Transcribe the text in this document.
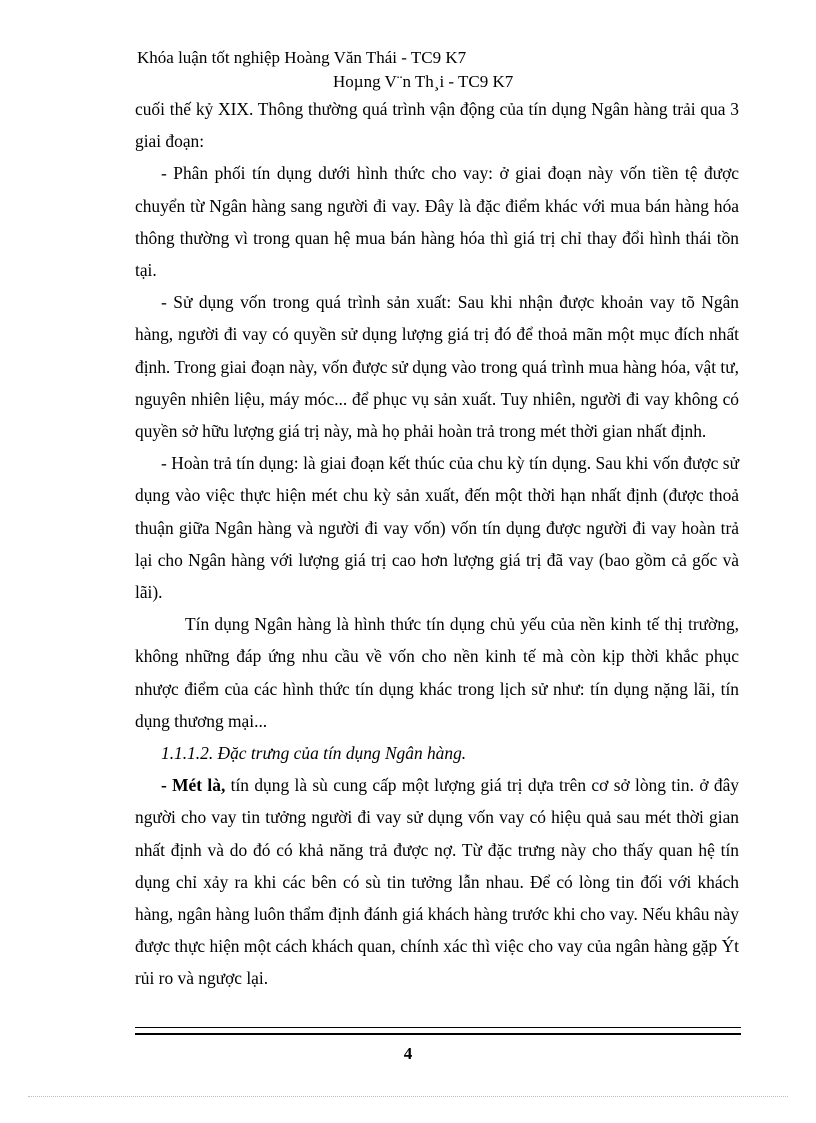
Khóa luận tốt nghiệp Hoàng Văn Thái - TC9 K7
Hoµng V¨n Th¸i - TC9 K7

cuối thế kỷ XIX. Thông thường quá trình vận động của tín dụng Ngân hàng trải qua 3 giai đoạn:

- Phân phối tín dụng dưới hình thức cho vay: ở giai đoạn này vốn tiền tệ được chuyển từ Ngân hàng sang người đi vay. Đây là đặc điểm khác với mua bán hàng hóa thông thường vì trong quan hệ mua bán hàng hóa thì giá trị chỉ thay đổi hình thái tồn tại.

- Sử dụng vốn trong quá trình sản xuất: Sau khi nhận được khoản vay tõ Ngân hàng, người đi vay có quyền sử dụng lượng giá trị đó để thoả mãn một mục đích nhất định. Trong giai đoạn này, vốn được sử dụng vào trong quá trình mua hàng hóa, vật tư, nguyên nhiên liệu, máy móc... để phục vụ sản xuất. Tuy nhiên, người đi vay không có quyền sở hữu lượng giá trị này, mà họ phải hoàn trả trong mét thời gian nhất định.

- Hoàn trả tín dụng: là giai đoạn kết thúc của chu kỳ tín dụng. Sau khi vốn được sử dụng vào việc thực hiện mét chu kỳ sản xuất, đến một thời hạn nhất định (được thoả thuận giữa Ngân hàng và người đi vay vốn) vốn tín dụng được người đi vay hoàn trả lại cho Ngân hàng với lượng giá trị cao hơn lượng giá trị đã vay (bao gồm cả gốc và lãi).

Tín dụng Ngân hàng là hình thức tín dụng chủ yếu của nền kinh tế thị trường, không những đáp ứng nhu cầu về vốn cho nền kinh tế mà còn kịp thời khắc phục nhược điểm của các hình thức tín dụng khác trong lịch sử như: tín dụng nặng lãi, tín dụng thương mại...

1.1.1.2. Đặc trưng của tín dụng Ngân hàng.

- Mét là, tín dụng là sù cung cấp một lượng giá trị dựa trên cơ sở lòng tin. ở đây người cho vay tin tưởng người đi vay sử dụng vốn vay có hiệu quả sau mét thời gian nhất định và do đó có khả năng trả được nợ. Từ đặc trưng này cho thấy quan hệ tín dụng chỉ xảy ra khi các bên có sù tin tưởng lẫn nhau. Để có lòng tin đối với khách hàng, ngân hàng luôn thẩm định đánh giá khách hàng trước khi cho vay. Nếu khâu này được thực hiện một cách khách quan, chính xác thì việc cho vay của ngân hàng gặp Ýt rủi ro và ngược lại.

4
